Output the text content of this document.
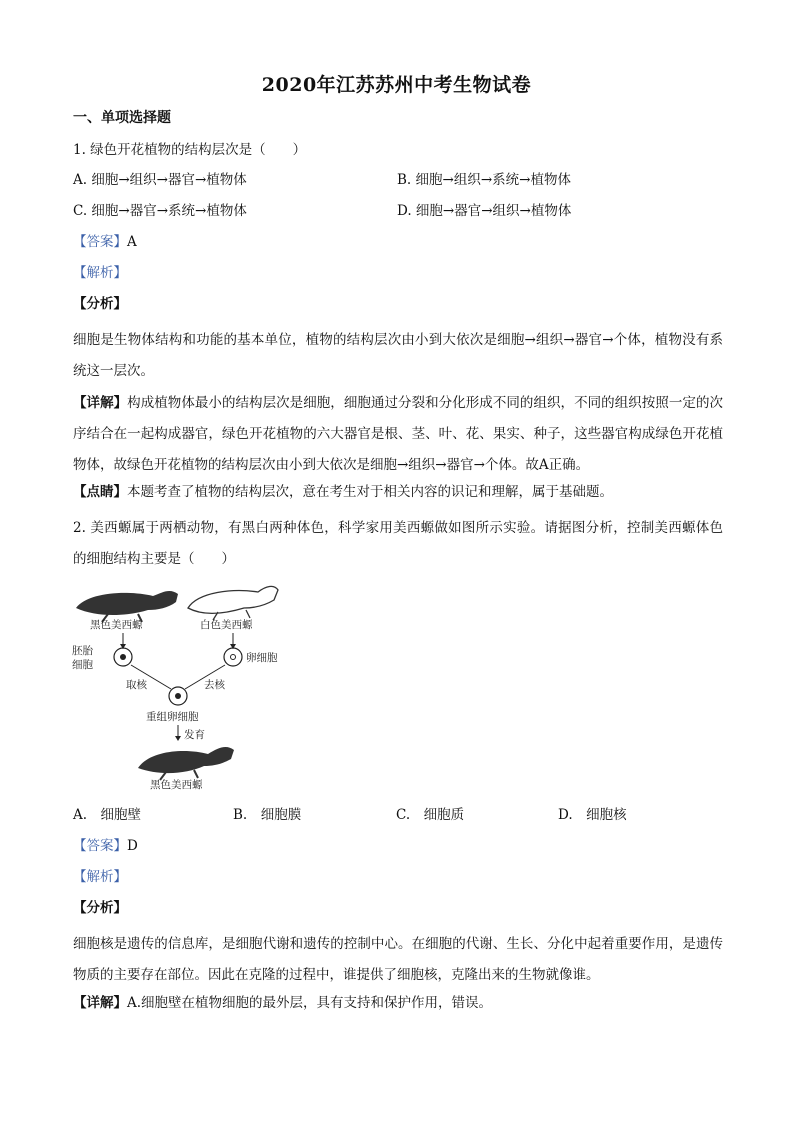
2020年江苏苏州中考生物试卷
一、单项选择题
1. 绿色开花植物的结构层次是（　　）
A. 细胞→组织→器官→植物体	B. 细胞→组织→系统→植物体
C. 细胞→器官→系统→植物体	D. 细胞→器官→组织→植物体
【答案】A
【解析】
【分析】
细胞是生物体结构和功能的基本单位，植物的结构层次由小到大依次是细胞→组织→器官→个体，植物没有系统这一层次。
【详解】构成植物体最小的结构层次是细胞，细胞通过分裂和分化形成不同的组织，不同的组织按照一定的次序结合在一起构成器官，绿色开花植物的六大器官是根、茎、叶、花、果实、种子，这些器官构成绿色开花植物体，故绿色开花植物的结构层次由小到大依次是细胞→组织→器官→个体。故A正确。
【点睛】本题考查了植物的结构层次，意在考生对于相关内容的识记和理解，属于基础题。
2. 美西螈属于两栖动物，有黑白两种体色，科学家用美西螈做如图所示实验。请据图分析，控制美西螈体色的细胞结构主要是（　　）
黑色美西螈	白色美西螈
胚胎
细胞
卵细胞
取核	去核
重组卵细胞
发育
黑色美西螈
A.　细胞壁	B.　细胞膜	C.　细胞质	D.　细胞核
【答案】D
【解析】
【分析】
细胞核是遗传的信息库，是细胞代谢和遗传的控制中心。在细胞的代谢、生长、分化中起着重要作用，是遗传物质的主要存在部位。因此在克隆的过程中，谁提供了细胞核，克隆出来的生物就像谁。
【详解】A.细胞壁在植物细胞的最外层，具有支持和保护作用，错误。
